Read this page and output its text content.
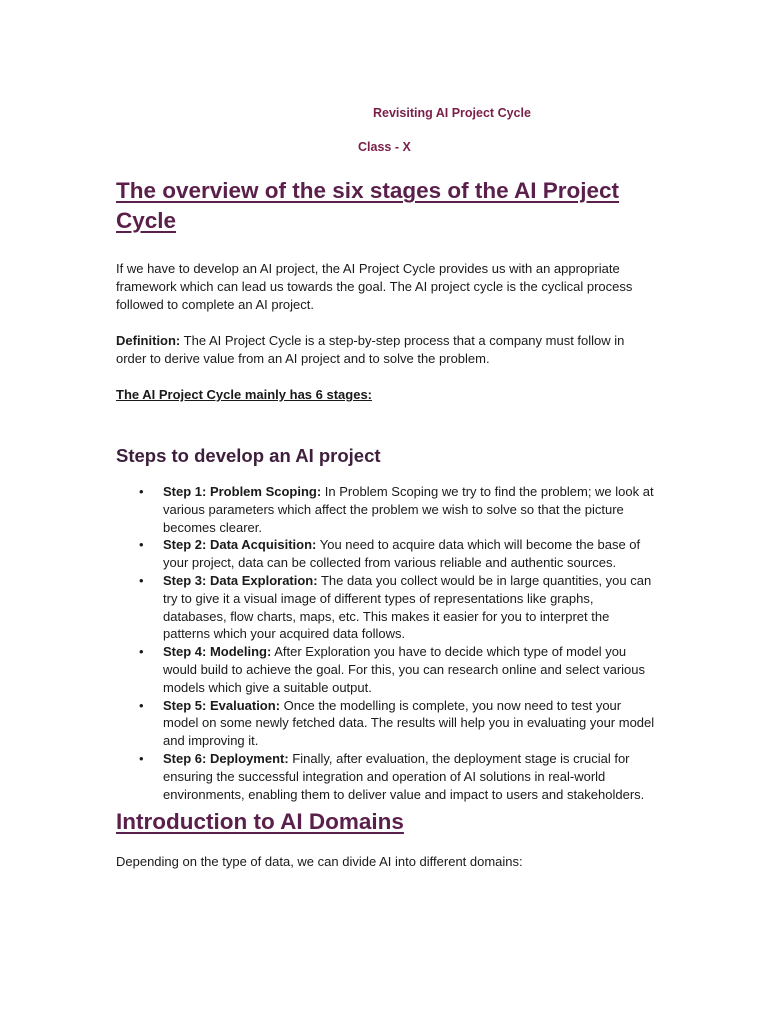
Revisiting AI Project Cycle
Class - X
The overview of the six stages of the AI Project Cycle

If we have to develop an AI project, the AI Project Cycle provides us with an appropriate framework which can lead us towards the goal. The AI project cycle is the cyclical process followed to complete an AI project.

Definition: The AI Project Cycle is a step-by-step process that a company must follow in order to derive value from an AI project and to solve the problem.

The AI Project Cycle mainly has 6 stages:

Steps to develop an AI project
• Step 1: Problem Scoping: In Problem Scoping we try to find the problem; we look at various parameters which affect the problem we wish to solve so that the picture becomes clearer.
• Step 2: Data Acquisition: You need to acquire data which will become the base of your project, data can be collected from various reliable and authentic sources.
• Step 3: Data Exploration: The data you collect would be in large quantities, you can try to give it a visual image of different types of representations like graphs, databases, flow charts, maps, etc. This makes it easier for you to interpret the patterns which your acquired data follows.
• Step 4: Modeling: After Exploration you have to decide which type of model you would build to achieve the goal. For this, you can research online and select various models which give a suitable output.
• Step 5: Evaluation: Once the modelling is complete, you now need to test your model on some newly fetched data. The results will help you in evaluating your model and improving it.
• Step 6: Deployment: Finally, after evaluation, the deployment stage is crucial for ensuring the successful integration and operation of AI solutions in real-world environments, enabling them to deliver value and impact to users and stakeholders.
Introduction to AI Domains

Depending on the type of data, we can divide AI into different domains:
